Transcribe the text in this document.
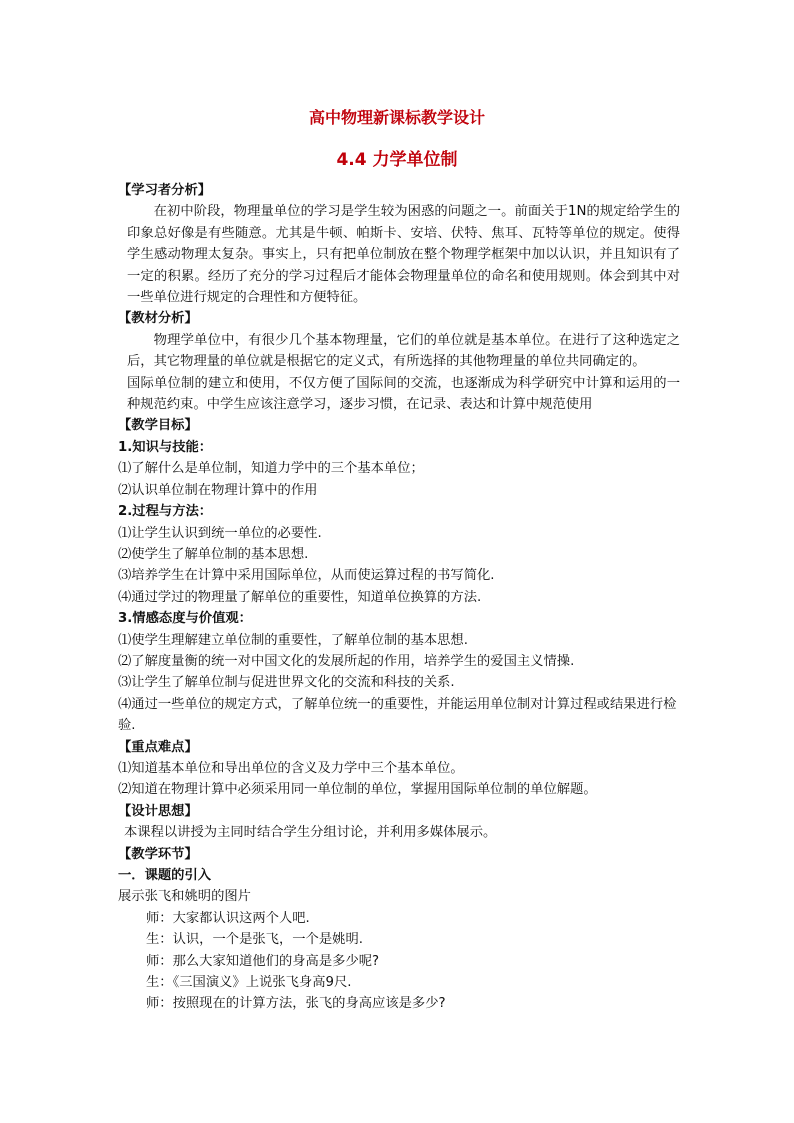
高中物理新课标教学设计
4.4 力学单位制

【学习者分析】

在初中阶段，物理量单位的学习是学生较为困惑的问题之一。前面关于1N的规定给学生的印象总好像是有些随意。尤其是牛顿、帕斯卡、安培、伏特、焦耳、瓦特等单位的规定。使得学生感动物理太复杂。事实上，只有把单位制放在整个物理学框架中加以认识，并且知识有了一定的积累。经历了充分的学习过程后才能体会物理量单位的命名和使用规则。体会到其中对一些单位进行规定的合理性和方便特征。

【教材分析】

物理学单位中，有很少几个基本物理量，它们的单位就是基本单位。在进行了这种选定之后，其它物理量的单位就是根据它的定义式，有所选择的其他物理量的单位共同确定的。

国际单位制的建立和使用，不仅方便了国际间的交流，也逐渐成为科学研究中计算和运用的一种规范约束。中学生应该注意学习，逐步习惯，在记录、表达和计算中规范使用

【教学目标】

1.知识与技能：

⑴了解什么是单位制，知道力学中的三个基本单位；

⑵认识单位制在物理计算中的作用

2.过程与方法：

⑴让学生认识到统一单位的必要性.

⑵使学生了解单位制的基本思想.

⑶培养学生在计算中采用国际单位，从而使运算过程的书写简化.

⑷通过学过的物理量了解单位的重要性，知道单位换算的方法.

3.情感态度与价值观：

⑴使学生理解建立单位制的重要性，了解单位制的基本思想.

⑵了解度量衡的统一对中国文化的发展所起的作用，培养学生的爱国主义情操.

⑶让学生了解单位制与促进世界文化的交流和科技的关系.

⑷通过一些单位的规定方式，了解单位统一的重要性，并能运用单位制对计算过程或结果进行检验.

【重点难点】

⑴知道基本单位和导出单位的含义及力学中三个基本单位。

⑵知道在物理计算中必须采用同一单位制的单位，掌握用国际单位制的单位解题。

【设计思想】

本课程以讲授为主同时结合学生分组讨论，并利用多媒体展示。

【教学环节】

一．课题的引入

展示张飞和姚明的图片

师：大家都认识这两个人吧.

生：认识，一个是张飞，一个是姚明.

师：那么大家知道他们的身高是多少呢?

生：《三国演义》上说张飞身高9尺.

师：按照现在的计算方法，张飞的身高应该是多少?
